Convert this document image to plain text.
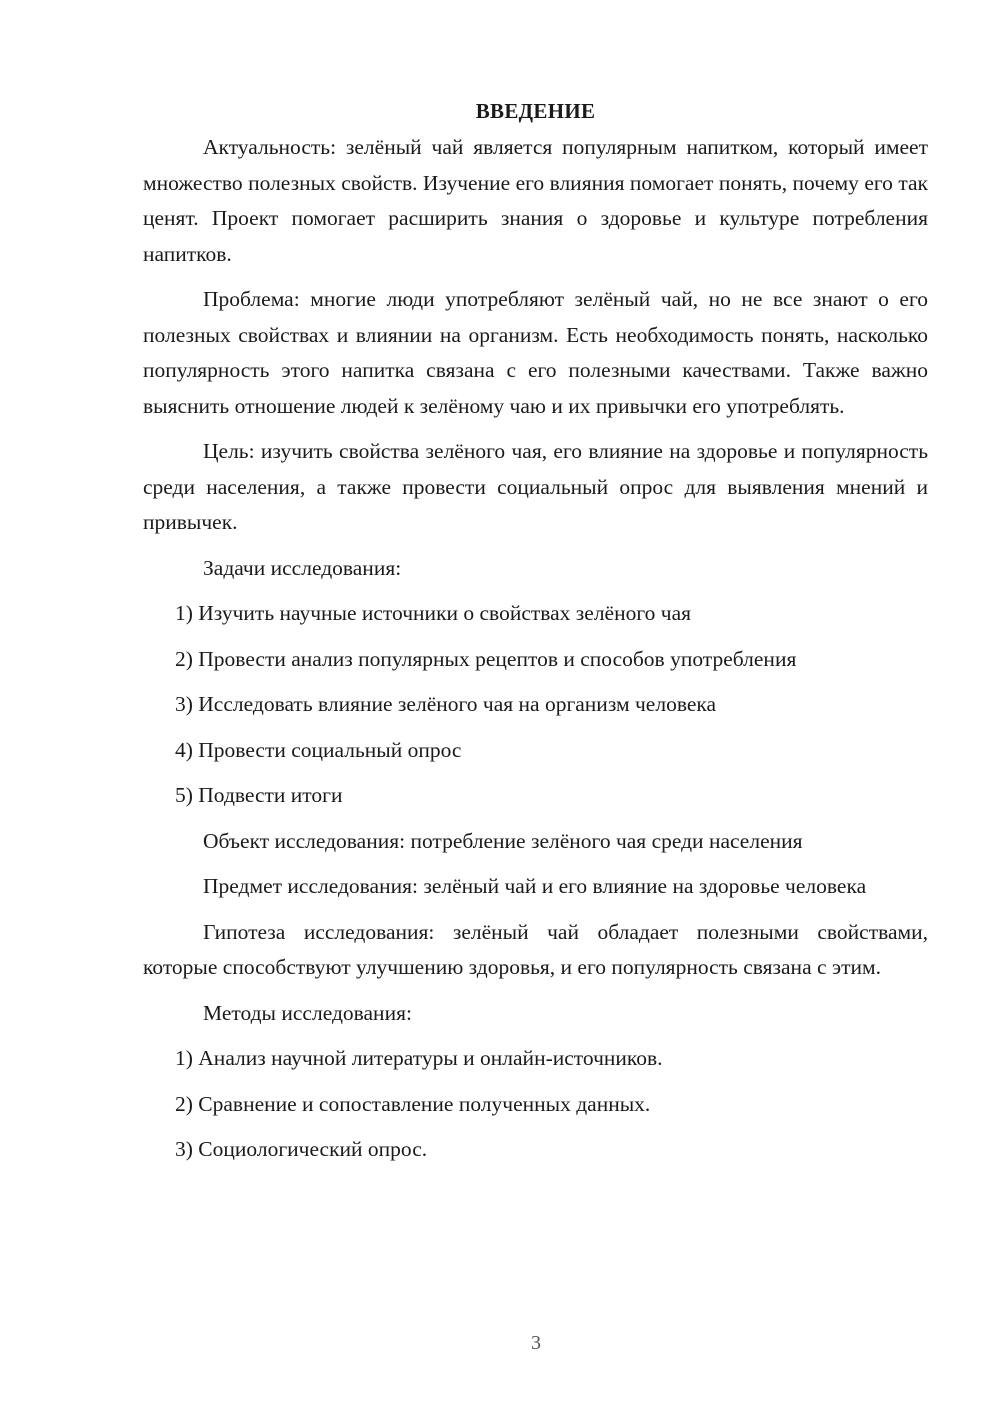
ВВЕДЕНИЕ

Актуальность: зелёный чай является популярным напитком, который имеет множество полезных свойств. Изучение его влияния помогает понять, почему его так ценят. Проект помогает расширить знания о здоровье и культуре потребления напитков.

Проблема: многие люди употребляют зелёный чай, но не все знают о его полезных свойствах и влиянии на организм. Есть необходимость понять, насколько популярность этого напитка связана с его полезными качествами. Также важно выяснить отношение людей к зелёному чаю и их привычки его употреблять.

Цель: изучить свойства зелёного чая, его влияние на здоровье и популярность среди населения, а также провести социальный опрос для выявления мнений и привычек.

Задачи исследования:
1) Изучить научные источники о свойствах зелёного чая
2) Провести анализ популярных рецептов и способов употребления
3) Исследовать влияние зелёного чая на организм человека
4) Провести социальный опрос
5) Подвести итоги
Объект исследования: потребление зелёного чая среди населения

Предмет исследования: зелёный чай и его влияние на здоровье человека

Гипотеза исследования: зелёный чай обладает полезными свойствами, которые способствуют улучшению здоровья, и его популярность связана с этим.

Методы исследования:
1) Анализ научной литературы и онлайн-источников.
2) Сравнение и сопоставление полученных данных.
3) Социологический опрос.
3
